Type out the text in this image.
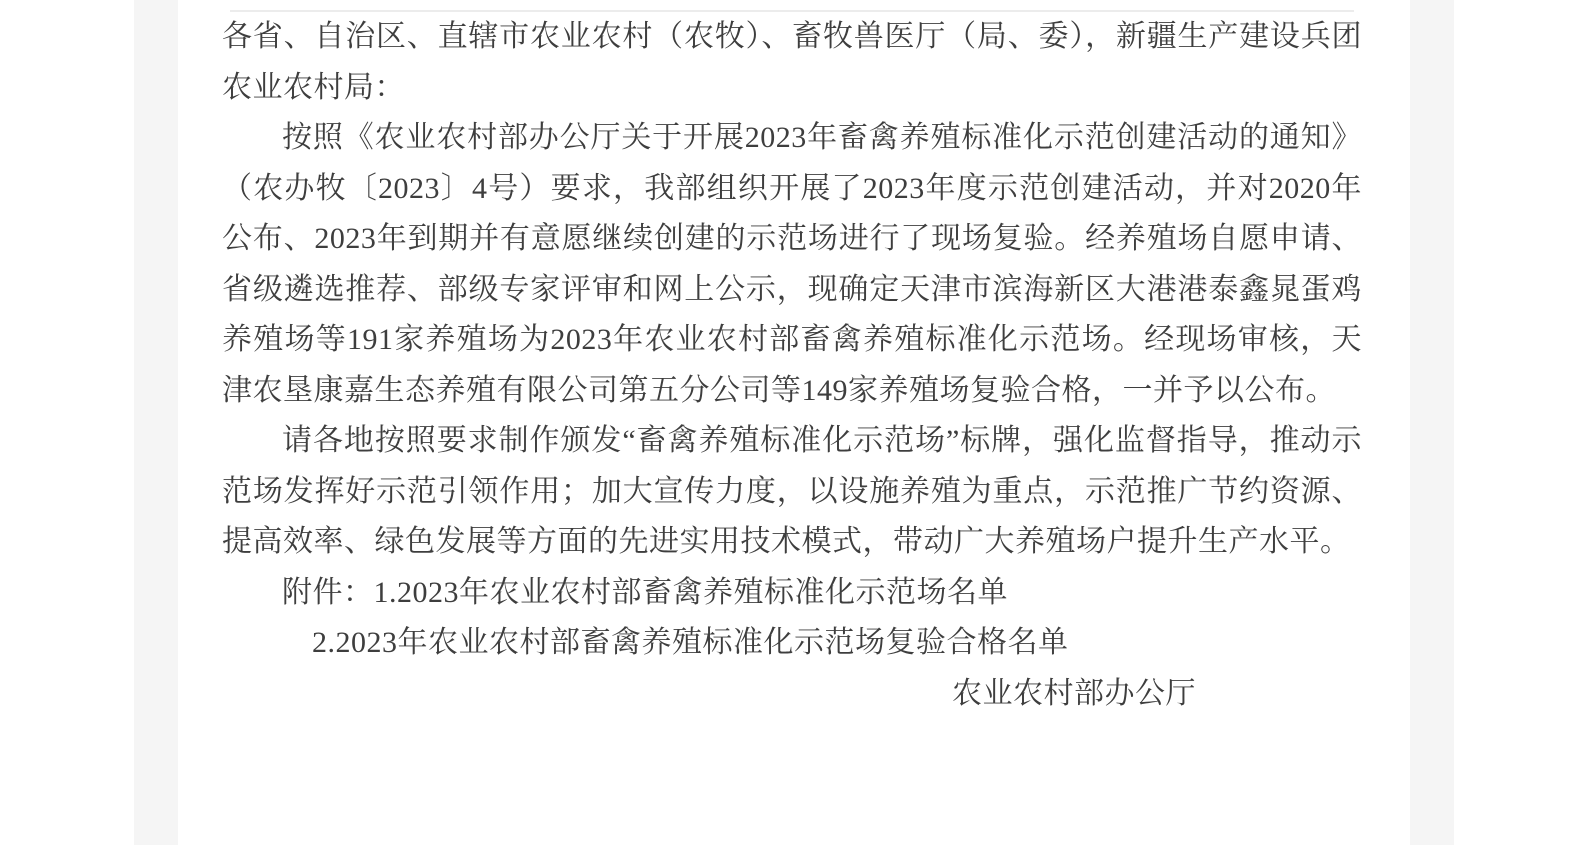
各省、自治区、直辖市农业农村（农牧）、畜牧兽医厅（局、委），新疆生产建设兵团农业农村局：

按照《农业农村部办公厅关于开展2023年畜禽养殖标准化示范创建活动的通知》（农办牧〔2023〕4号）要求，我部组织开展了2023年度示范创建活动，并对2020年公布、2023年到期并有意愿继续创建的示范场进行了现场复验。经养殖场自愿申请、省级遴选推荐、部级专家评审和网上公示，现确定天津市滨海新区大港港泰鑫晁蛋鸡养殖场等191家养殖场为2023年农业农村部畜禽养殖标准化示范场。经现场审核，天津农垦康嘉生态养殖有限公司第五分公司等149家养殖场复验合格，一并予以公布。

请各地按照要求制作颁发“畜禽养殖标准化示范场”标牌，强化监督指导，推动示范场发挥好示范引领作用；加大宣传力度，以设施养殖为重点，示范推广节约资源、提高效率、绿色发展等方面的先进实用技术模式，带动广大养殖场户提升生产水平。

附件：1.2023年农业农村部畜禽养殖标准化示范场名单

2.2023年农业农村部畜禽养殖标准化示范场复验合格名单

农业农村部办公厅
